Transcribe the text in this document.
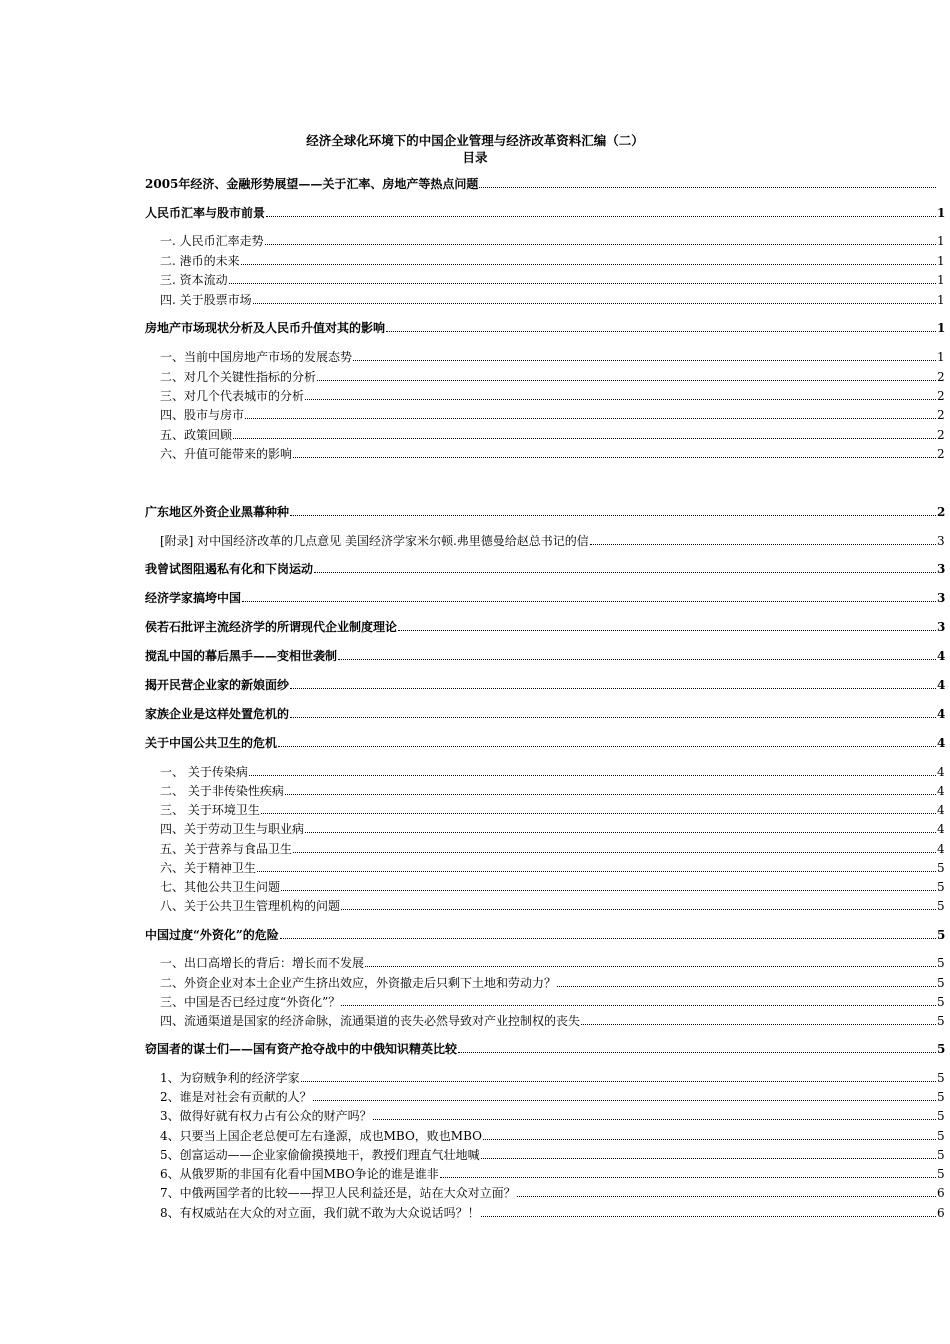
经济全球化环境下的中国企业管理与经济改革资料汇编（二）
目录
2005年经济、金融形势展望——关于汇率、房地产等热点问题
人民币汇率与股市前景	1
一. 人民币汇率走势	1
二. 港币的未来	1
三. 资本流动	1
四. 关于股票市场	1
房地产市场现状分析及人民币升值对其的影响	1
一、当前中国房地产市场的发展态势	1
二、对几个关键性指标的分析	2
三、对几个代表城市的分析	2
四、股市与房市	2
五、政策回顾	2
六、升值可能带来的影响	2
广东地区外资企业黑幕种种	2
[附录] 对中国经济改革的几点意见 美国经济学家米尔顿.弗里德曼给赵总书记的信	3
我曾试图阻遏私有化和下岗运动	3
经济学家搞垮中国	3
侯若石批评主流经济学的所谓现代企业制度理论	3
搅乱中国的幕后黑手——变相世袭制	4
揭开民营企业家的新娘面纱	4
家族企业是这样处置危机的	4
关于中国公共卫生的危机	4
一、 关于传染病	4
二、 关于非传染性疾病	4
三、 关于环境卫生	4
四、关于劳动卫生与职业病	4
五、关于营养与食品卫生	4
六、关于精神卫生	5
七、其他公共卫生问题	5
八、关于公共卫生管理机构的问题	5
中国过度“外资化”的危险	5
一、出口高增长的背后：增长而不发展	5
二、外资企业对本土企业产生挤出效应，外资撤走后只剩下土地和劳动力？	5
三、中国是否已经过度“外资化”？	5
四、流通渠道是国家的经济命脉，流通渠道的丧失必然导致对产业控制权的丧失	5
窃国者的谋士们——国有资产抢夺战中的中俄知识精英比较	5
1、为窃贼争利的经济学家	5
2、谁是对社会有贡献的人？	5
3、做得好就有权力占有公众的财产吗？	5
4、只要当上国企老总便可左右逢源，成也MBO，败也MBO	5
5、创富运动——企业家偷偷摸摸地干，教授们理直气壮地喊	5
6、从俄罗斯的非国有化看中国MBO争论的谁是谁非	5
7、中俄两国学者的比较——捍卫人民利益还是，站在大众对立面？	6
8、有权威站在大众的对立面，我们就不敢为大众说话吗？！	6
